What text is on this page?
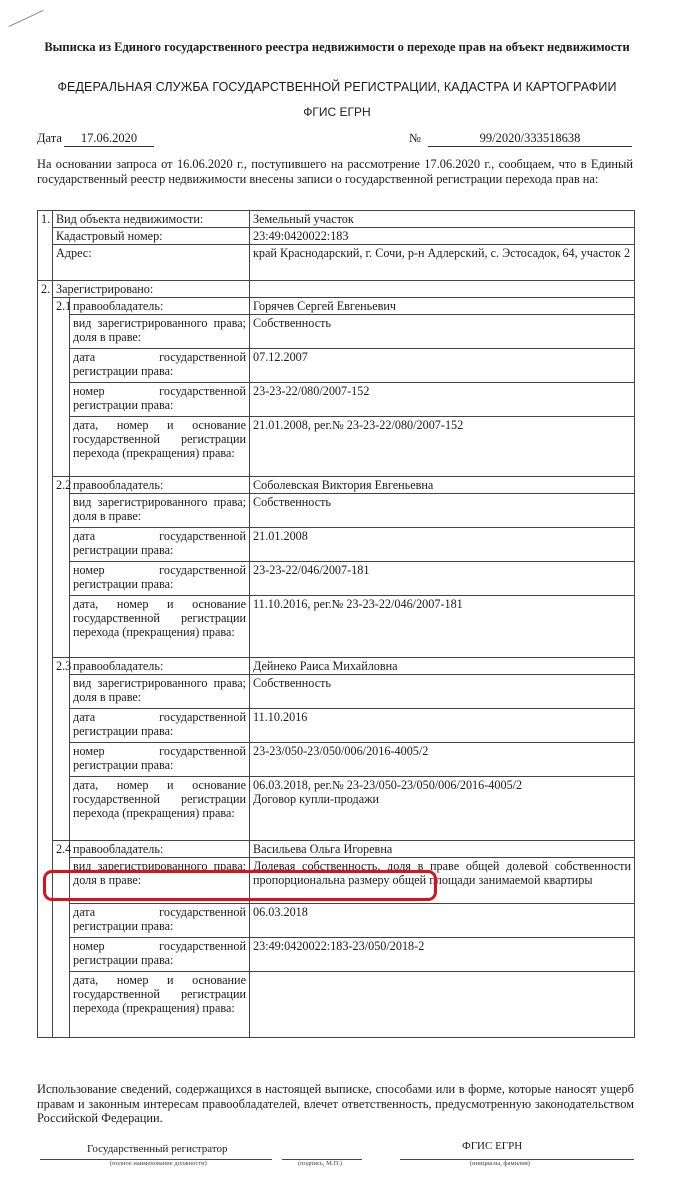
Выписка из Единого государственного реестра недвижимости о переходе прав на объект недвижимости
ФЕДЕРАЛЬНАЯ СЛУЖБА ГОСУДАРСТВЕННОЙ РЕГИСТРАЦИИ, КАДАСТРА И КАРТОГРАФИИ
ФГИС ЕГРН
Дата	17.06.2020	№	99/2020/333518638
На основании запроса от 16.06.2020 г., поступившего на рассмотрение 17.06.2020 г., сообщаем, что в Единый государственный реестр недвижимости внесены записи о государственной регистрации перехода прав на:
1.	Вид объекта недвижимости:		Земельный участок
	Кадастровый номер:		23:49:0420022:183
	Адрес:		край Краснодарский, г. Сочи, р-н Адлерский, с. Эстосадок, 64, участок 2
2.	Зарегистрировано:		
	2.1	правообладатель:	Горячев Сергей Евгеньевич
		вид зарегистрированного права; доля в праве:	Собственность
		дата государственной регистрации права:	07.12.2007
		номер государственной регистрации права:	23-23-22/080/2007-152
		дата, номер и основание государственной регистрации перехода (прекращения) права:	21.01.2008, рег.№ 23-23-22/080/2007-152
	2.2	правообладатель:	Соболевская Виктория Евгеньевна
		вид зарегистрированного права; доля в праве:	Собственность
		дата государственной регистрации права:	21.01.2008
		номер государственной регистрации права:	23-23-22/046/2007-181
		дата, номер и основание государственной регистрации перехода (прекращения) права:	11.10.2016, рег.№ 23-23-22/046/2007-181
	2.3	правообладатель:	Дейнеко Раиса Михайловна
		вид зарегистрированного права; доля в праве:	Собственность
		дата государственной регистрации права:	11.10.2016
		номер государственной регистрации права:	23-23/050-23/050/006/2016-4005/2
		дата, номер и основание государственной регистрации перехода (прекращения) права:	06.03.2018, рег.№ 23-23/050-23/050/006/2016-4005/2
Договор купли-продажи

	2.4	правообладатель:	Васильева Ольга Игоревна
		вид зарегистрированного права; доля в праве:	Долевая собственность, доля в праве общей долевой собственности пропорциональна размеру общей площади занимаемой квартиры
		дата государственной регистрации права:	06.03.2018
		номер государственной регистрации права:	23:49:0420022:183-23/050/2018-2
		дата, номер и основание государственной регистрации перехода (прекращения) права:	
Использование сведений, содержащихся в настоящей выписке, способами или в форме, которые наносят ущерб правам и законным интересам правообладателей, влечет ответственность, предусмотренную законодательством Российской Федерации.
Государственный регистратор	ФГИС ЕГРН
(полное наименование должности)	(подпись, М.П.)	(инициалы, фамилия)
